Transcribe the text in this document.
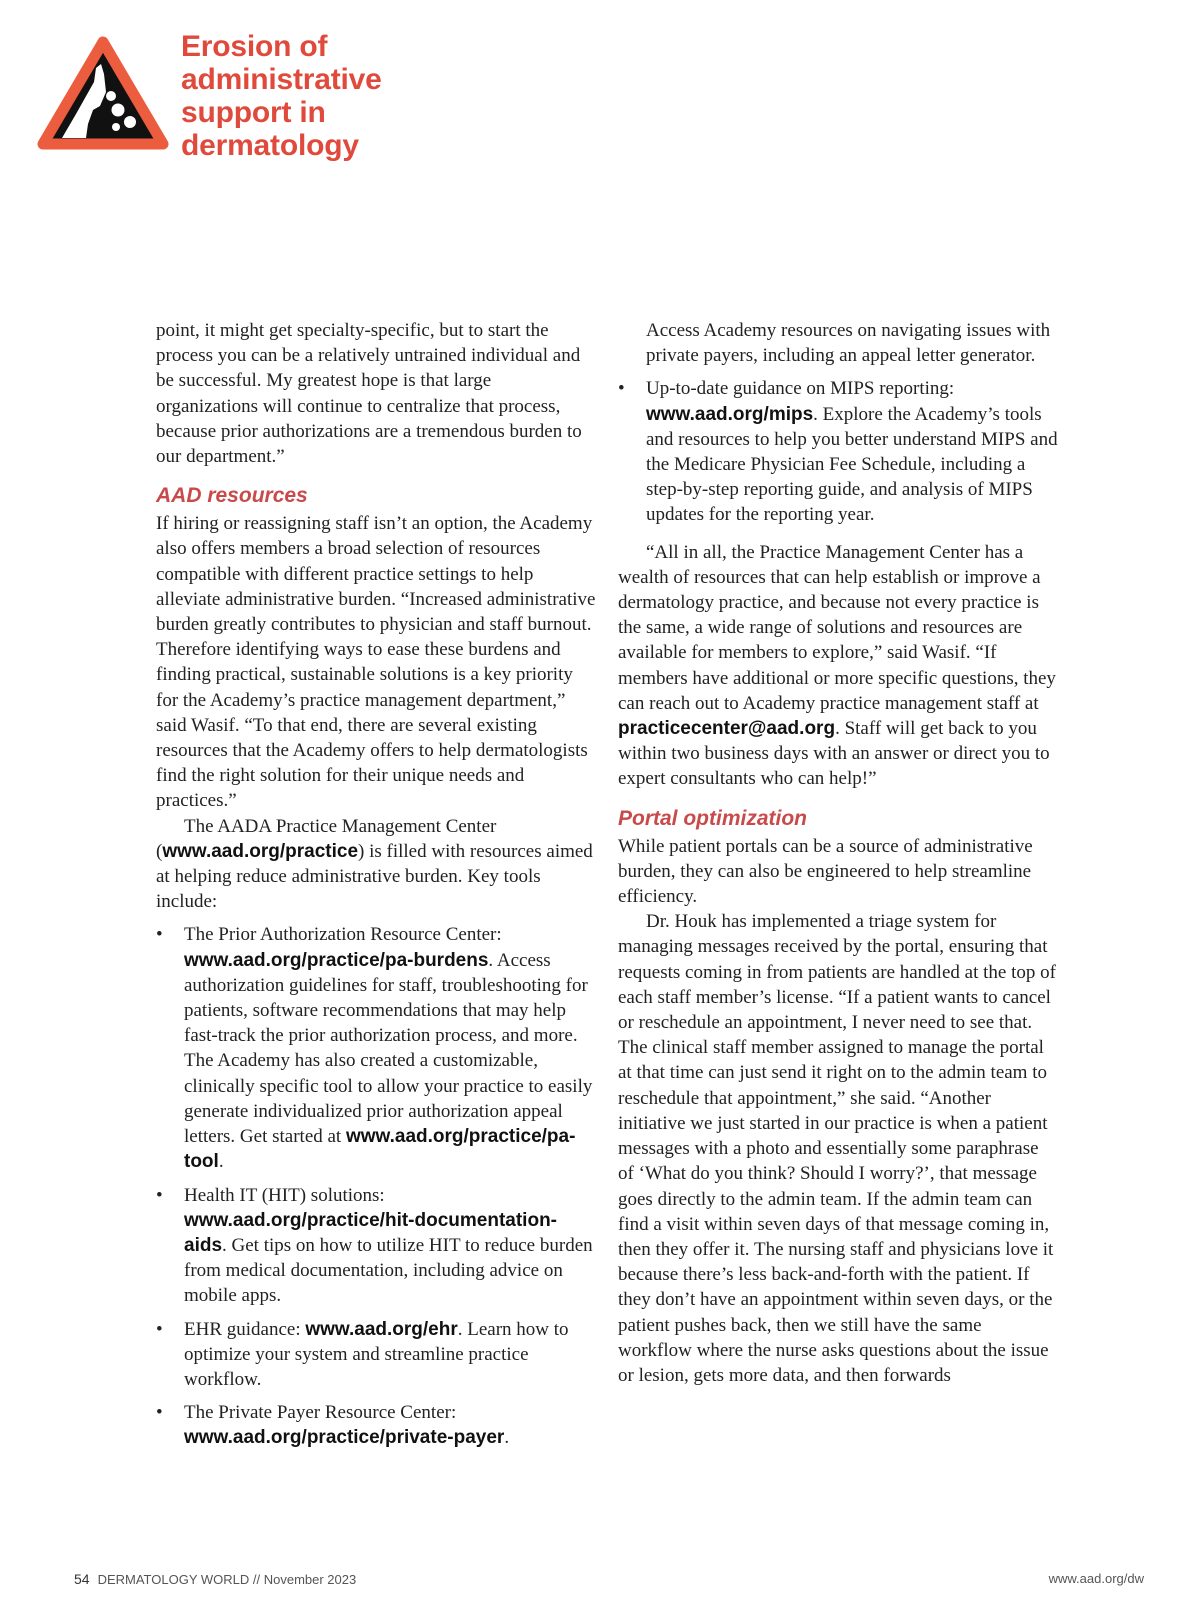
Erosion of
administrative
support in
dermatology

point, it might get specialty-specific, but to start the process you can be a relatively untrained individual and be successful. My greatest hope is that large organizations will continue to centralize that process, because prior authorizations are a tremendous burden to our department.”

AAD resources

If hiring or reassigning staff isn’t an option, the Academy also offers members a broad selection of resources compatible with different practice settings to help alleviate administrative burden. “Increased administrative burden greatly contributes to physician and staff burnout. Therefore identifying ways to ease these burdens and finding practical, sustainable solutions is a key priority for the Academy’s practice management department,” said Wasif. “To that end, there are several existing resources that the Academy offers to help dermatologists find the right solution for their unique needs and practices.”

The AADA Practice Management Center (www.aad.org/practice) is filled with resources aimed at helping reduce administrative burden. Key tools include:

• The Prior Authorization Resource Center: www.aad.org/practice/pa-burdens. Access authorization guidelines for staff, troubleshooting for patients, software recommendations that may help fast-track the prior authorization process, and more. The Academy has also created a customizable, clinically specific tool to allow your practice to easily generate individualized prior authorization appeal letters. Get started at www.aad.org/practice/pa-tool.
• Health IT (HIT) solutions: www.aad.org/practice/hit-documentation-aids. Get tips on how to utilize HIT to reduce burden from medical documentation, including advice on mobile apps.
• EHR guidance: www.aad.org/ehr. Learn how to optimize your system and streamline practice workflow.
• The Private Payer Resource Center: www.aad.org/practice/private-payer.
Access Academy resources on navigating issues with private payers, including an appeal letter generator.
• Up-to-date guidance on MIPS reporting: www.aad.org/mips. Explore the Academy’s tools and resources to help you better understand MIPS and the Medicare Physician Fee Schedule, including a step-by-step reporting guide, and analysis of MIPS updates for the reporting year.

“All in all, the Practice Management Center has a wealth of resources that can help establish or improve a dermatology practice, and because not every practice is the same, a wide range of solutions and resources are available for members to explore,” said Wasif. “If members have additional or more specific questions, they can reach out to Academy practice management staff at practicecenter@aad.org. Staff will get back to you within two business days with an answer or direct you to expert consultants who can help!”

Portal optimization

While patient portals can be a source of administrative burden, they can also be engineered to help streamline efficiency.

Dr. Houk has implemented a triage system for managing messages received by the portal, ensuring that requests coming in from patients are handled at the top of each staff member’s license. “If a patient wants to cancel or reschedule an appointment, I never need to see that. The clinical staff member assigned to manage the portal at that time can just send it right on to the admin team to reschedule that appointment,” she said. “Another initiative we just started in our practice is when a patient messages with a photo and essentially some paraphrase of ‘What do you think? Should I worry?’, that message goes directly to the admin team. If the admin team can find a visit within seven days of that message coming in, then they offer it. The nursing staff and physicians love it because there’s less back-and-forth with the patient. If they don’t have an appointment within seven days, or the patient pushes back, then we still have the same workflow where the nurse asks questions about the issue or lesion, gets more data, and then forwards

54 DERMATOLOGY WORLD // November 2023	www.aad.org/dw
